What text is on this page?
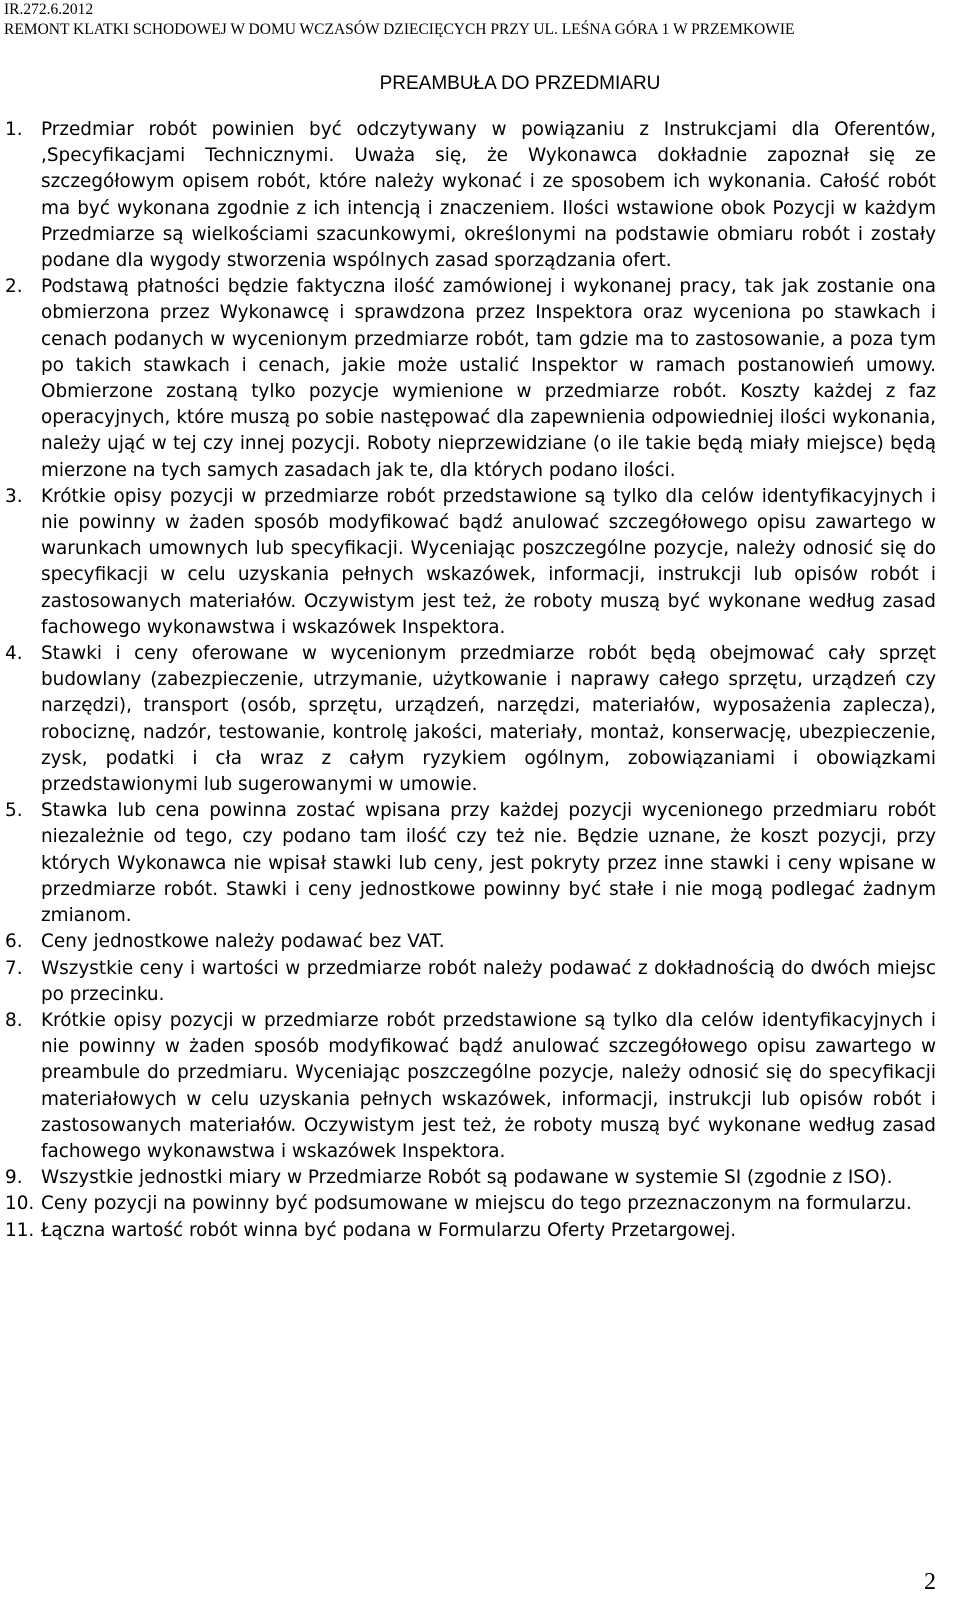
IR.272.6.2012
REMONT KLATKI SCHODOWEJ W DOMU WCZASÓW DZIECIĘCYCH PRZY UL. LEŚNA GÓRA 1 W PRZEMKOWIE
PREAMBUŁA DO PRZEDMIARU
1. Przedmiar robót powinien być odczytywany w powiązaniu z Instrukcjami dla Oferentów, ,Specyfikacjami Technicznymi. Uważa się, że Wykonawca dokładnie zapoznał się ze szczegółowym opisem robót, które należy wykonać i ze sposobem ich wykonania. Całość robót ma być wykonana zgodnie z ich intencją i znaczeniem. Ilości wstawione obok Pozycji w każdym Przedmiarze są wielkościami szacunkowymi, określonymi na podstawie obmiaru robót i zostały podane dla wygody stworzenia wspólnych zasad sporządzania ofert.
2. Podstawą płatności będzie faktyczna ilość zamówionej i wykonanej pracy, tak jak zostanie ona obmierzona przez Wykonawcę i sprawdzona przez Inspektora oraz wyceniona po stawkach i cenach podanych w wycenionym przedmiarze robót, tam gdzie ma to zastosowanie, a poza tym po takich stawkach i cenach, jakie może ustalić Inspektor w ramach postanowień umowy. Obmierzone zostaną tylko pozycje wymienione w przedmiarze robót. Koszty każdej z faz operacyjnych, które muszą po sobie następować dla zapewnienia odpowiedniej ilości wykonania, należy ująć w tej czy innej pozycji. Roboty nieprzewidziane (o ile takie będą miały miejsce) będą mierzone na tych samych zasadach jak te, dla których podano ilości.
3. Krótkie opisy pozycji w przedmiarze robót przedstawione są tylko dla celów identyfikacyjnych i nie powinny w żaden sposób modyfikować bądź anulować szczegółowego opisu zawartego w warunkach umownych lub specyfikacji. Wyceniając poszczególne pozycje, należy odnosić się do specyfikacji w celu uzyskania pełnych wskazówek, informacji, instrukcji lub opisów robót i zastosowanych materiałów. Oczywistym jest też, że roboty muszą być wykonane według zasad fachowego wykonawstwa i wskazówek Inspektora.
4. Stawki i ceny oferowane w wycenionym przedmiarze robót będą obejmować cały sprzęt budowlany (zabezpieczenie, utrzymanie, użytkowanie i naprawy całego sprzętu, urządzeń czy narzędzi), transport (osób, sprzętu, urządzeń, narzędzi, materiałów, wyposażenia zaplecza), robociznę, nadzór, testowanie, kontrolę jakości, materiały, montaż, konserwację, ubezpieczenie, zysk, podatki i cła wraz z całym ryzykiem ogólnym, zobowiązaniami i obowiązkami przedstawionymi lub sugerowanymi w umowie.
5. Stawka lub cena powinna zostać wpisana przy każdej pozycji wycenionego przedmiaru robót niezależnie od tego, czy podano tam ilość czy też nie. Będzie uznane, że koszt pozycji, przy których Wykonawca nie wpisał stawki lub ceny, jest pokryty przez inne stawki i ceny wpisane w przedmiarze robót. Stawki i ceny jednostkowe powinny być stałe i nie mogą podlegać żadnym zmianom.
6. Ceny jednostkowe należy podawać bez VAT.
7. Wszystkie ceny i wartości w przedmiarze robót należy podawać z dokładnością do dwóch miejsc po przecinku.
8. Krótkie opisy pozycji w przedmiarze robót przedstawione są tylko dla celów identyfikacyjnych i nie powinny w żaden sposób modyfikować bądź anulować szczegółowego opisu zawartego w preambule do przedmiaru. Wyceniając poszczególne pozycje, należy odnosić się do specyfikacji materiałowych w celu uzyskania pełnych wskazówek, informacji, instrukcji lub opisów robót i zastosowanych materiałów. Oczywistym jest też, że roboty muszą być wykonane według zasad fachowego wykonawstwa i wskazówek Inspektora.
9. Wszystkie jednostki miary w Przedmiarze Robót są podawane w systemie SI (zgodnie z ISO).
10. Ceny pozycji na powinny być podsumowane w miejscu do tego przeznaczonym na formularzu.
11. Łączna wartość robót winna być podana w Formularzu Oferty Przetargowej.
2
